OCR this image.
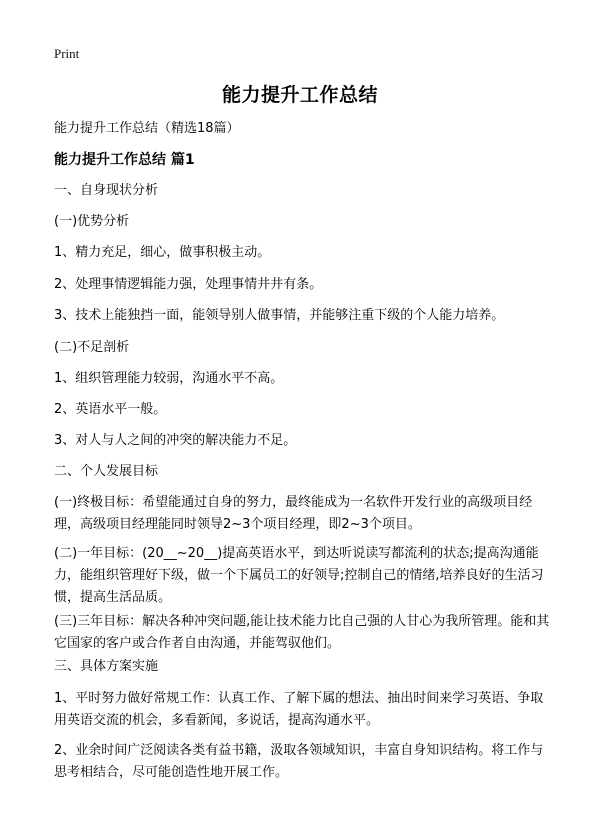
Print
能力提升工作总结
能力提升工作总结（精选18篇）
能力提升工作总结 篇1
一、自身现状分析
(一)优势分析
1、精力充足，细心，做事积极主动。
2、处理事情逻辑能力强，处理事情井井有条。
3、技术上能独挡一面，能领导别人做事情，并能够注重下级的个人能力培养。
(二)不足剖析
1、组织管理能力较弱，沟通水平不高。
2、英语水平一般。
3、对人与人之间的冲突的解决能力不足。
二、个人发展目标
(一)终极目标：希望能通过自身的努力，最终能成为一名软件开发行业的高级项目经理，高级项目经理能同时领导2~3个项目经理，即2~3个项目。
(二)一年目标：(20__~20__)提高英语水平，到达听说读写都流利的状态;提高沟通能力，能组织管理好下级，做一个下属员工的好领导;控制自己的情绪,培养良好的生活习惯，提高生活品质。
(三)三年目标：解决各种冲突问题,能让技术能力比自己强的人甘心为我所管理。能和其它国家的客户或合作者自由沟通，并能驾驭他们。
三、具体方案实施
1、平时努力做好常规工作：认真工作、了解下属的想法、抽出时间来学习英语、争取用英语交流的机会，多看新闻，多说话，提高沟通水平。
2、业余时间广泛阅读各类有益书籍，汲取各领域知识，丰富自身知识结构。将工作与思考相结合，尽可能创造性地开展工作。
